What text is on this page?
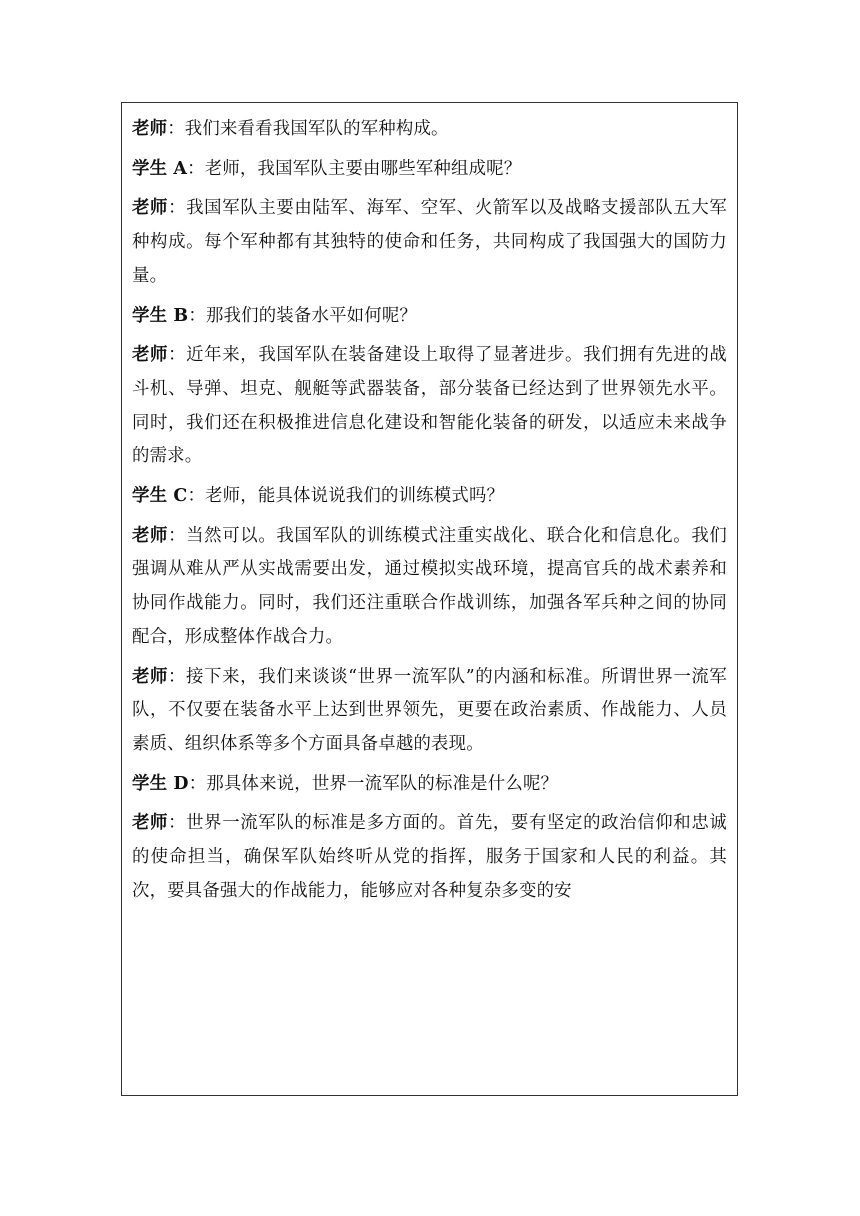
老师：我们来看看我国军队的军种构成。

学生 A：老师，我国军队主要由哪些军种组成呢？

老师：我国军队主要由陆军、海军、空军、火箭军以及战略支援部队五大军种构成。每个军种都有其独特的使命和任务，共同构成了我国强大的国防力量。

学生 B：那我们的装备水平如何呢？

老师：近年来，我国军队在装备建设上取得了显著进步。我们拥有先进的战斗机、导弹、坦克、舰艇等武器装备，部分装备已经达到了世界领先水平。同时，我们还在积极推进信息化建设和智能化装备的研发，以适应未来战争的需求。

学生 C：老师，能具体说说我们的训练模式吗？

老师：当然可以。我国军队的训练模式注重实战化、联合化和信息化。我们强调从难从严从实战需要出发，通过模拟实战环境，提高官兵的战术素养和协同作战能力。同时，我们还注重联合作战训练，加强各军兵种之间的协同配合，形成整体作战合力。

老师：接下来，我们来谈谈“世界一流军队”的内涵和标准。所谓世界一流军队，不仅要在装备水平上达到世界领先，更要在政治素质、作战能力、人员素质、组织体系等多个方面具备卓越的表现。

学生 D：那具体来说，世界一流军队的标准是什么呢？

老师：世界一流军队的标准是多方面的。首先，要有坚定的政治信仰和忠诚的使命担当，确保军队始终听从党的指挥，服务于国家和人民的利益。其次，要具备强大的作战能力，能够应对各种复杂多变的安
